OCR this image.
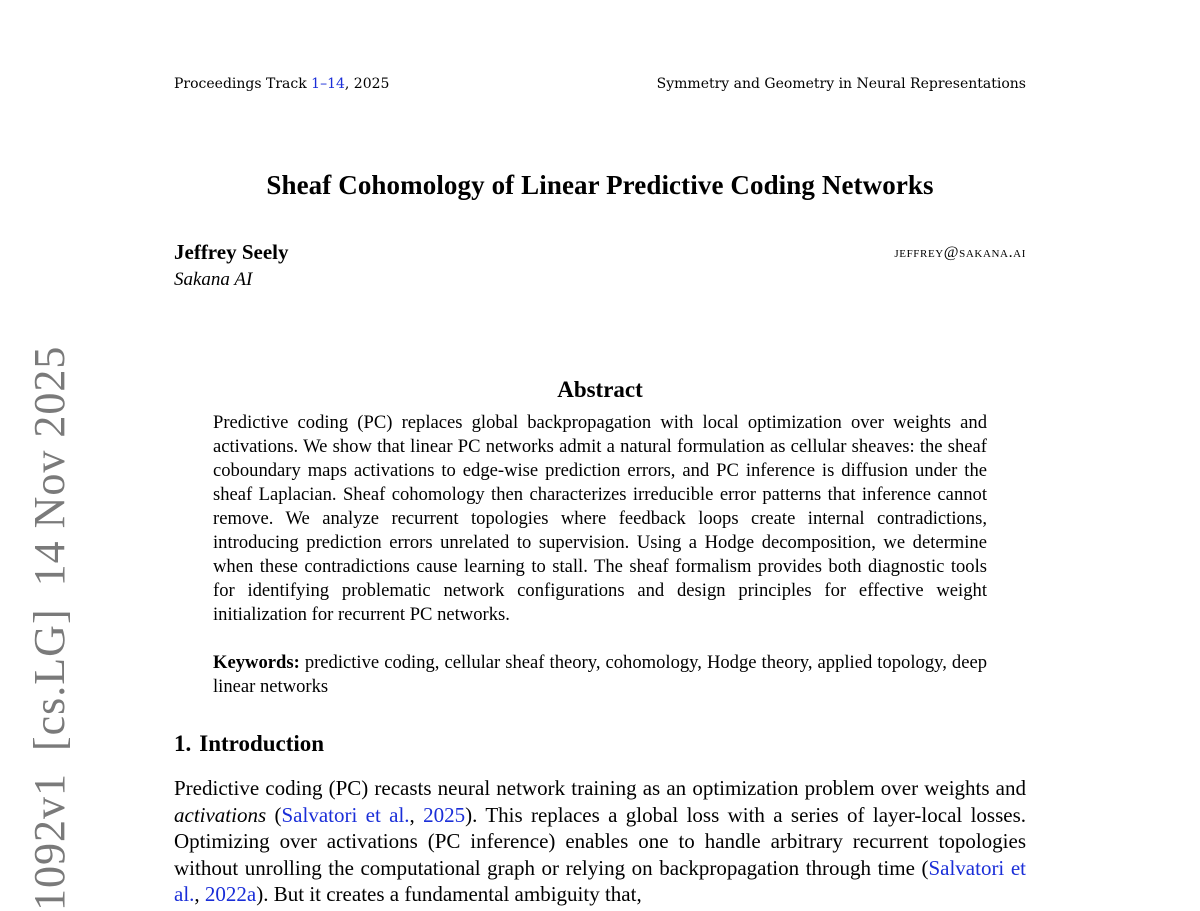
Proceedings Track 1–14, 2025	Symmetry and Geometry in Neural Representations
Sheaf Cohomology of Linear Predictive Coding Networks
Jeffrey Seely	jeffrey@sakana.ai
Sakana AI
Abstract
Predictive coding (PC) replaces global backpropagation with local optimization over weights and activations. We show that linear PC networks admit a natural formulation as cellular sheaves: the sheaf coboundary maps activations to edge-wise prediction errors, and PC inference is diffusion under the sheaf Laplacian. Sheaf cohomology then characterizes irreducible error patterns that inference cannot remove. We analyze recurrent topologies where feedback loops create internal contradictions, introducing prediction errors unrelated to supervision. Using a Hodge decomposition, we determine when these contradictions cause learning to stall. The sheaf formalism provides both diagnostic tools for identifying problematic network configurations and design principles for effective weight initialization for recurrent PC networks.
Keywords: predictive coding, cellular sheaf theory, cohomology, Hodge theory, applied topology, deep linear networks
1. Introduction
Predictive coding (PC) recasts neural network training as an optimization problem over weights and activations (Salvatori et al., 2025). This replaces a global loss with a series of layer-local losses. Optimizing over activations (PC inference) enables one to handle arbitrary recurrent topologies without unrolling the computational graph or relying on backpropagation through time (Salvatori et al., 2022a). But it creates a fundamental ambiguity that,
1092v1[cs.LG]14 Nov 2025
